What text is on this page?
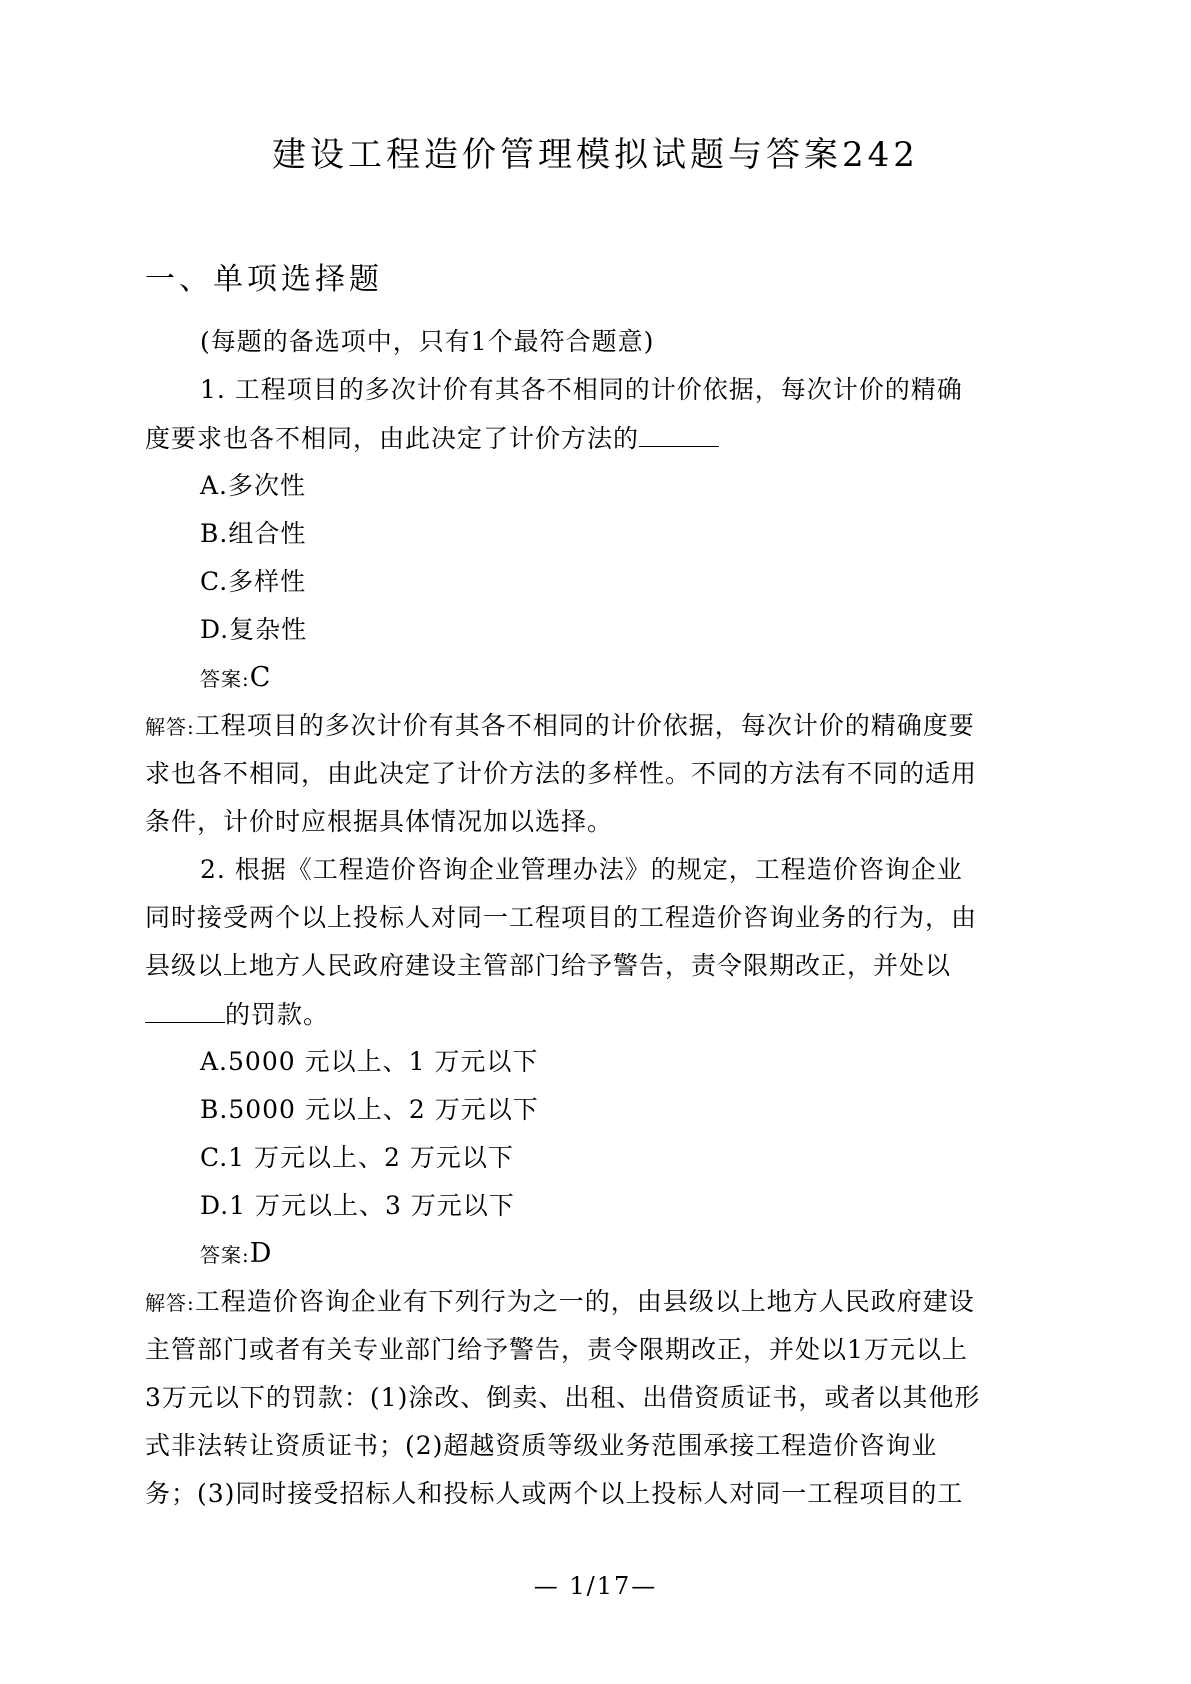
建设工程造价管理模拟试题与答案242
一、单项选择题
(每题的备选项中，只有1个最符合题意)
1. 工程项目的多次计价有其各不相同的计价依据，每次计价的精确
度要求也各不相同，由此决定了计价方法的
A.多次性
B.组合性
C.多样性
D.复杂性
答案:C
解答:工程项目的多次计价有其各不相同的计价依据，每次计价的精确度要
求也各不相同，由此决定了计价方法的多样性。不同的方法有不同的适用
条件，计价时应根据具体情况加以选择。
2. 根据《工程造价咨询企业管理办法》的规定，工程造价咨询企业
同时接受两个以上投标人对同一工程项目的工程造价咨询业务的行为，由
县级以上地方人民政府建设主管部门给予警告，责令限期改正，并处以
的罚款。
A.5000 元以上、1 万元以下
B.5000 元以上、2 万元以下
C.1 万元以上、2 万元以下
D.1 万元以上、3 万元以下
答案:D
解答:工程造价咨询企业有下列行为之一的，由县级以上地方人民政府建设
主管部门或者有关专业部门给予警告，责令限期改正，并处以1万元以上
3万元以下的罚款：(1)涂改、倒卖、出租、出借资质证书，或者以其他形
式非法转让资质证书；(2)超越资质等级业务范围承接工程造价咨询业
务；(3)同时接受招标人和投标人或两个以上投标人对同一工程项目的工
— 1/17—
